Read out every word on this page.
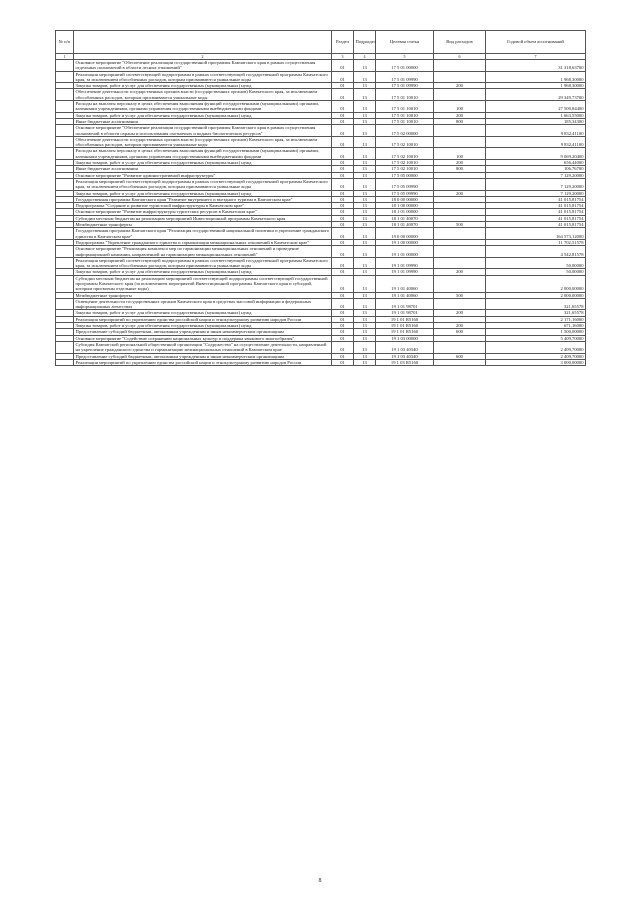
№ п/п		Раздел	Подраздел	Целевая статья	Вид расходов	Годовой объем ассигнований
1	2	3	4	5	6	7
	Основное мероприятие "Обеспечение реализации государственной программы Камчатского края в рамках осуществления отдельных полномочий в области лесных отношений"	01	13	17 5 01 00000		31 318,63700
	Реализация мероприятий соответствующей подпрограммы в рамках соответствующей государственной программы Камчатского края, за исключением обособленных расходов, которым присваиваются уникальные коды	01	13	17 5 01 09990		1 968,30000
	Закупка товаров, работ и услуг для обеспечения государственных (муниципальных) нужд	01	13	17 5 01 09990	200	1 968,30000
	Обеспечение деятельности государственных органов власти (государственных органов) Камчатского края, за исключением обособленных расходов, которым присваиваются уникальные коды	01	13	17 5 01 10010		29 349,73700
	Расходы на выплаты персоналу в целях обеспечения выполнения функций государственными (муниципальными) органами, казенными учреждениями, органами управления государственными внебюджетными фондами	01	13	17 5 01 10010	100	27 500,84400
	Закупка товаров, работ и услуг для обеспечения государственных (муниципальных) нужд	01	13	17 5 01 10010	200	1 663,55000
	Иные бюджетные ассигнования	01	13	17 5 01 10010	800	185,34300
	Основное мероприятие "Обеспечение реализации государственной программы Камчатского края в рамках осуществления полномочий в области охраны и использования охотничьих и водных биологических ресурсов"	01	13	17 5 02 00000		9 832,41100
	Обеспечение деятельности государственных органов власти (государственных органов) Камчатского края, за исключением обособленных расходов, которым присваиваются уникальные коды	01	13	17 5 02 10010		9 832,41100
	Расходы на выплаты персоналу в целях обеспечения выполнения функций государственными (муниципальными) органами, казенными учреждениями, органами управления государственными внебюджетными фондами	01	13	17 5 02 10010	100	9 069,20400
	Закупка товаров, работ и услуг для обеспечения государственных (муниципальных) нужд	01	13	17 5 02 10010	200	656,44000
	Иные бюджетные ассигнования	01	13	17 5 02 10010	800	106,76700
	Основное мероприятие "Развитие административной инфраструктуры"	01	13	17 5 05 00000		7 129,20000
	Реализация мероприятий соответствующей подпрограммы в рамках соответствующей государственной программы Камчатского края, за исключением обособленных расходов, которым присваиваются уникальные коды	01	13	17 5 05 09990		7 129,20000
	Закупка товаров, работ и услуг для обеспечения государственных (муниципальных) нужд	01	13	17 5 05 09990	200	7 129,20000
	Государственная программа Камчатского края "Развитие внутреннего и въездного туризма в Камчатском крае"	01	13	18 0 00 00000		41 015,81754
	Подпрограмма "Создание и развитие туристской инфраструктуры в Камчатском крае"	01	13	18 1 00 00000		41 015,81754
	Основное мероприятие "Развитие инфраструктуры туристских ресурсов в Камчатском крае"	01	13	18 1 01 00000		41 015,81754
	Субсидии местным бюджетам на реализацию мероприятий Инвестиционной программы Камчатского края	01	13	18 1 01 40070		41 015,81754
	Межбюджетные трансферты	01	13	18 1 01 40070	500	41 015,81754
	Государственная программа Камчатского края "Реализация государственной национальной политики и укрепление гражданского единства в Камчатском крае"	01	13	19 0 00 00000		164 573,12000
	Подпрограмма "Укрепление гражданского единства и гармонизация межнациональных отношений в Камчатском крае"	01	13	19 1 00 00000		11 702,51578
	Основное мероприятие "Реализация комплекса мер по гармонизации межнациональных отношений и проведение информационной кампании, направленной на гармонизацию межнациональных отношений"	01	13	19 1 01 00000		4 542,81578
	Реализация мероприятий соответствующей подпрограммы в рамках соответствующей государственной программы Камчатского края, за исключением обособленных расходов, которым присваиваются уникальные коды	01	13	19 1 01 09990		50,00000
	Закупка товаров, работ и услуг для обеспечения государственных (муниципальных) нужд	01	13	19 1 01 09990	200	50,00000
	Субсидии местным бюджетам на реализацию мероприятий соответствующей подпрограммы соответствующей государственной программы Камчатского края (за исключением мероприятий Инвестиционной программы Камчатского края и субсидий, которым присвоены отдельные коды)	01	13	19 1 01 40060		2 000,00000
	Межбюджетные трансферты	01	13	19 1 01 40060	500	2 000,00000
	Освещение деятельности государственных органов Камчатского края в средствах массовой информации и федеральных информационных агентствах	01	13	19 1 01 98701		321,65578
	Закупка товаров, работ и услуг для обеспечения государственных (муниципальных) нужд	01	13	19 1 01 98701	200	321,65578
	Реализация мероприятий по укреплению единства российской нации и этнокультурному развитию народов России	01	13	19 1 01 R5160		2 171,16000
	Закупка товаров, работ и услуг для обеспечения государственных (муниципальных) нужд	01	13	19 1 01 R5160	200	671,16000
	Предоставление субсидий бюджетным, автономным учреждениям и иным некоммерческим организациям	01	13	19 1 01 R5160	600	1 500,00000
	Основное мероприятие "Содействие сохранению национальных культур и поддержка языкового многообразия"	01	13	19 1 03 00000		5 409,70000
	Субсидия Камчатской региональной общественной организации "Содружество" на осуществление деятельности, направленной на укрепление гражданского единства и гармонизацию межнациональных отношений в Камчатском крае	01	13	19 1 03 40340		2 409,70000
	Предоставление субсидий бюджетным, автономным учреждениям и иным некоммерческим организациям	01	13	19 1 03 40340	600	2 409,70000
	Реализация мероприятий по укреплению единства российской нации и этнокультурному развитию народов России	01	13	19 1 03 R5160		3 000,00000
8
